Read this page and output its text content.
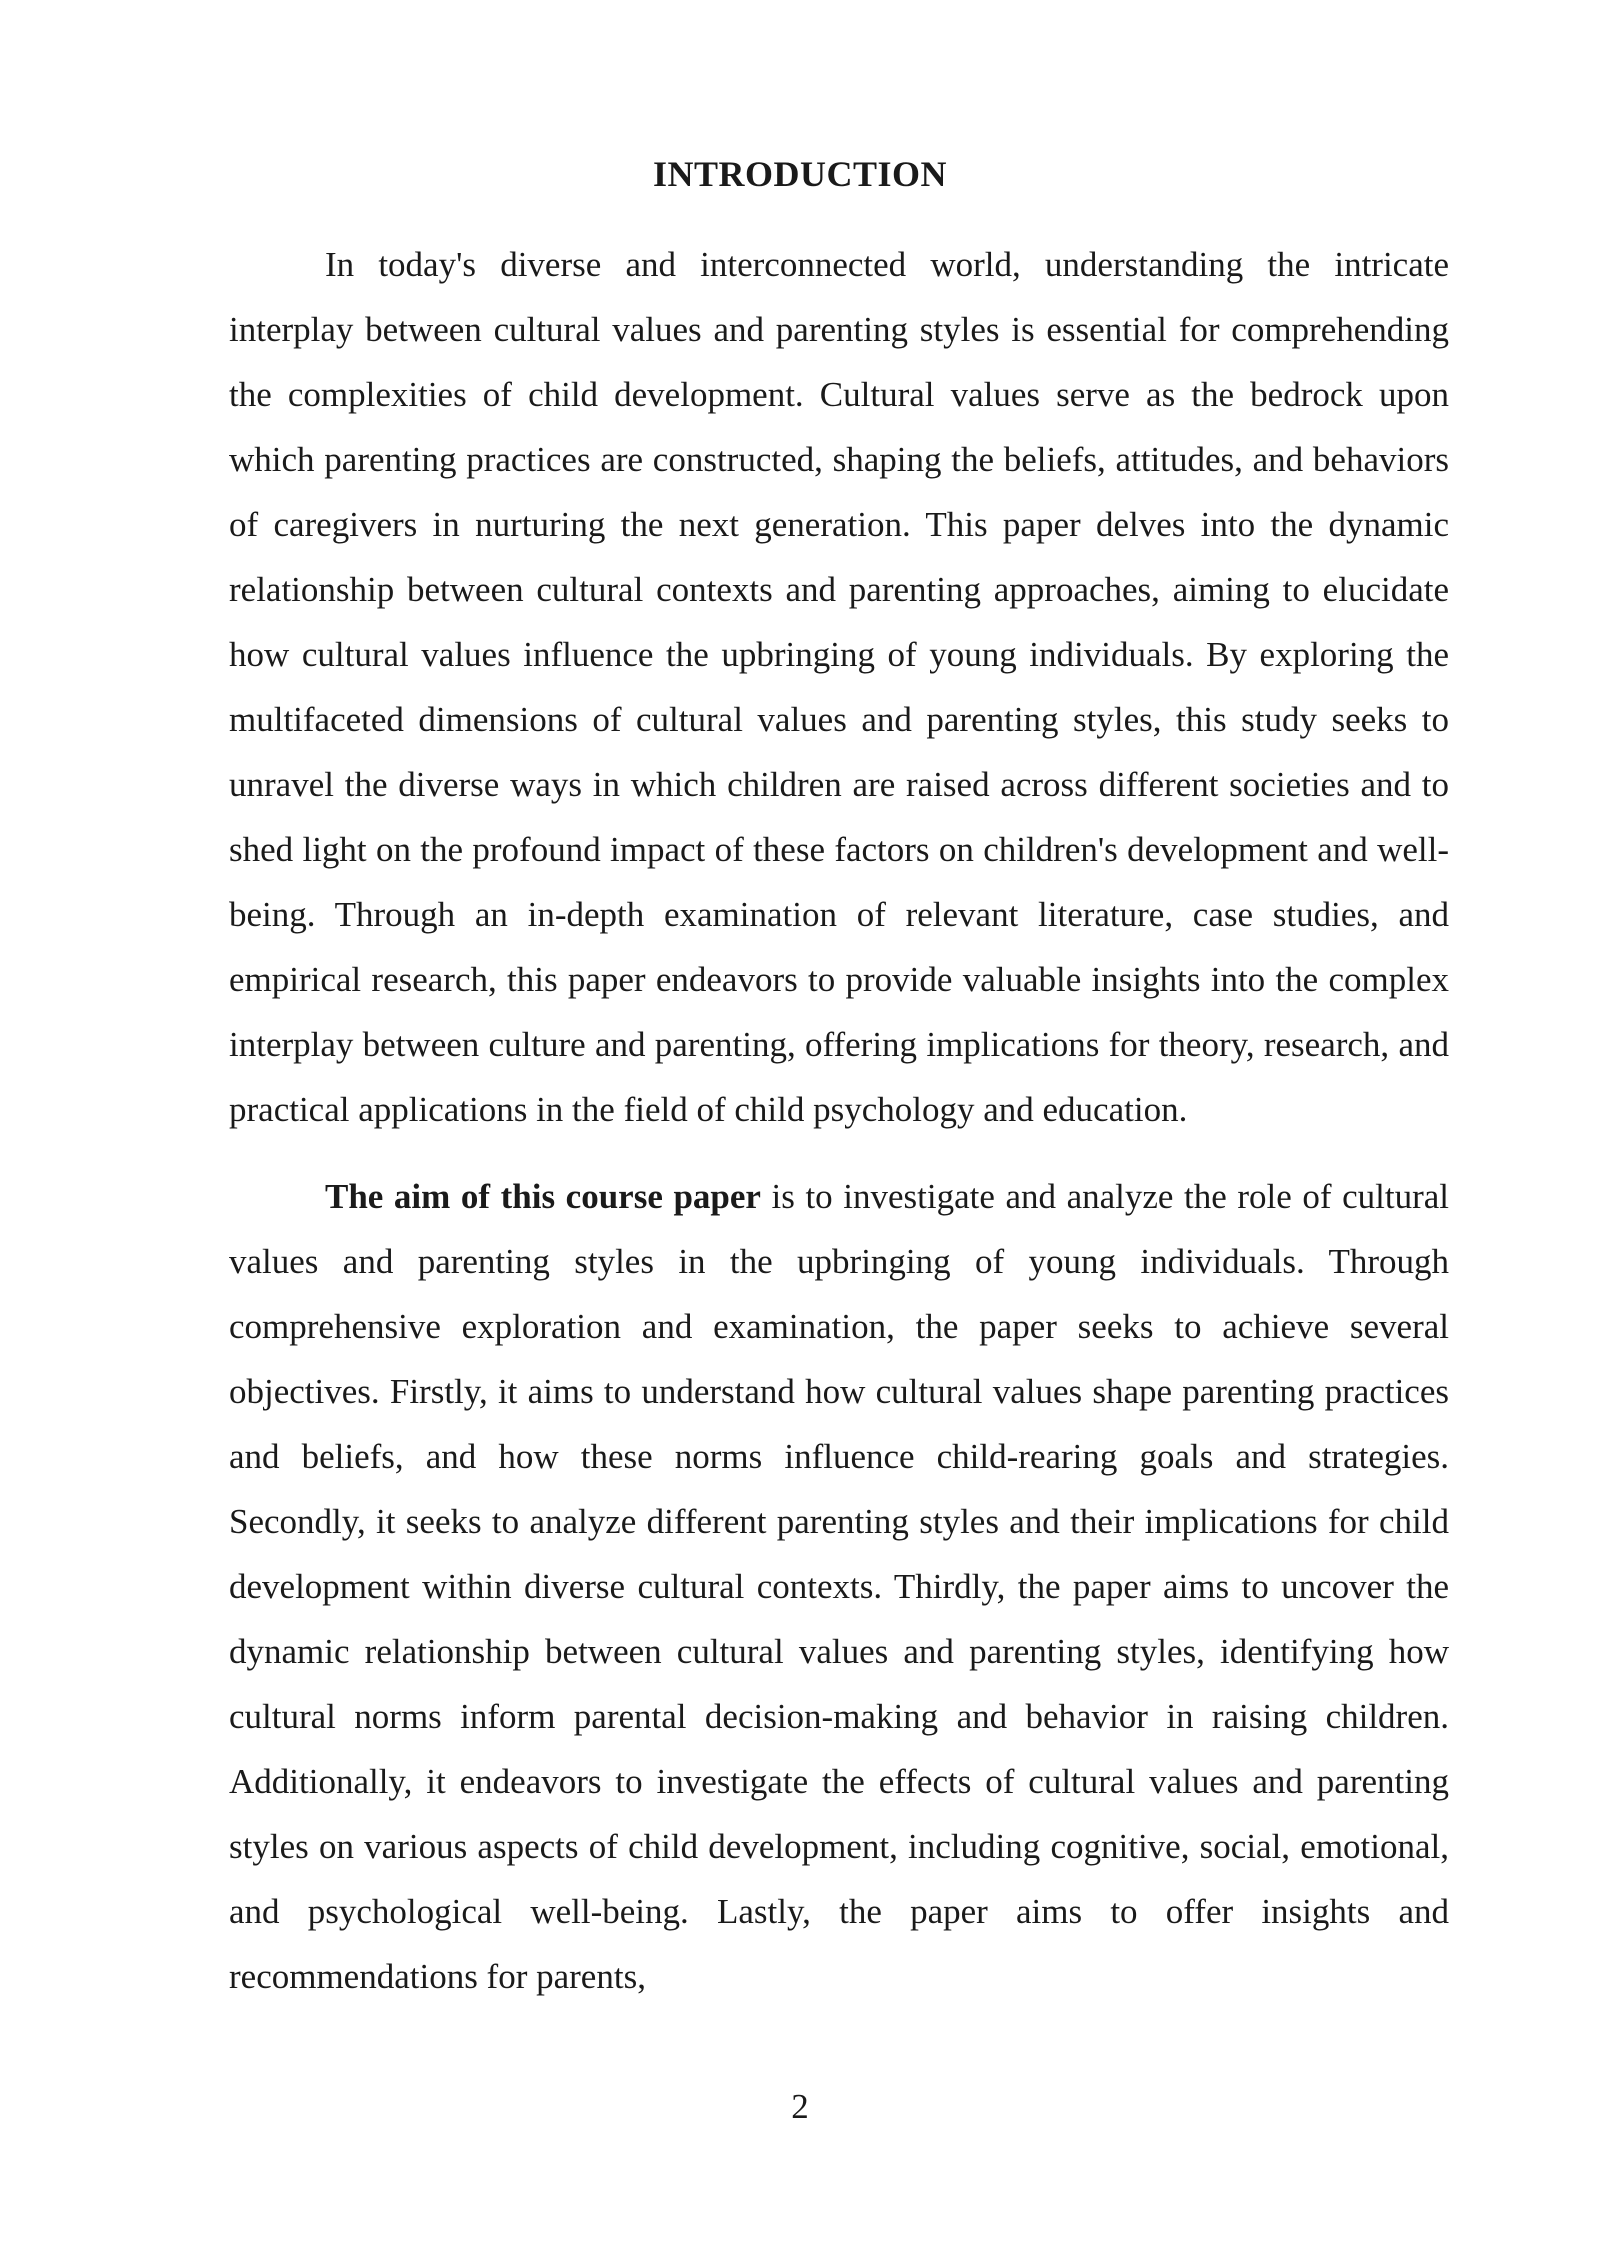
INTRODUCTION

In today's diverse and interconnected world, understanding the intricate interplay between cultural values and parenting styles is essential for comprehending the complexities of child development. Cultural values serve as the bedrock upon which parenting practices are constructed, shaping the beliefs, attitudes, and behaviors of caregivers in nurturing the next generation. This paper delves into the dynamic relationship between cultural contexts and parenting approaches, aiming to elucidate how cultural values influence the upbringing of young individuals. By exploring the multifaceted dimensions of cultural values and parenting styles, this study seeks to unravel the diverse ways in which children are raised across different societies and to shed light on the profound impact of these factors on children's development and well-being. Through an in-depth examination of relevant literature, case studies, and empirical research, this paper endeavors to provide valuable insights into the complex interplay between culture and parenting, offering implications for theory, research, and practical applications in the field of child psychology and education.

The aim of this course paper is to investigate and analyze the role of cultural values and parenting styles in the upbringing of young individuals. Through comprehensive exploration and examination, the paper seeks to achieve several objectives. Firstly, it aims to understand how cultural values shape parenting practices and beliefs, and how these norms influence child-rearing goals and strategies. Secondly, it seeks to analyze different parenting styles and their implications for child development within diverse cultural contexts. Thirdly, the paper aims to uncover the dynamic relationship between cultural values and parenting styles, identifying how cultural norms inform parental decision-making and behavior in raising children. Additionally, it endeavors to investigate the effects of cultural values and parenting styles on various aspects of child development, including cognitive, social, emotional, and psychological well-being. Lastly, the paper aims to offer insights and recommendations for parents,

2
